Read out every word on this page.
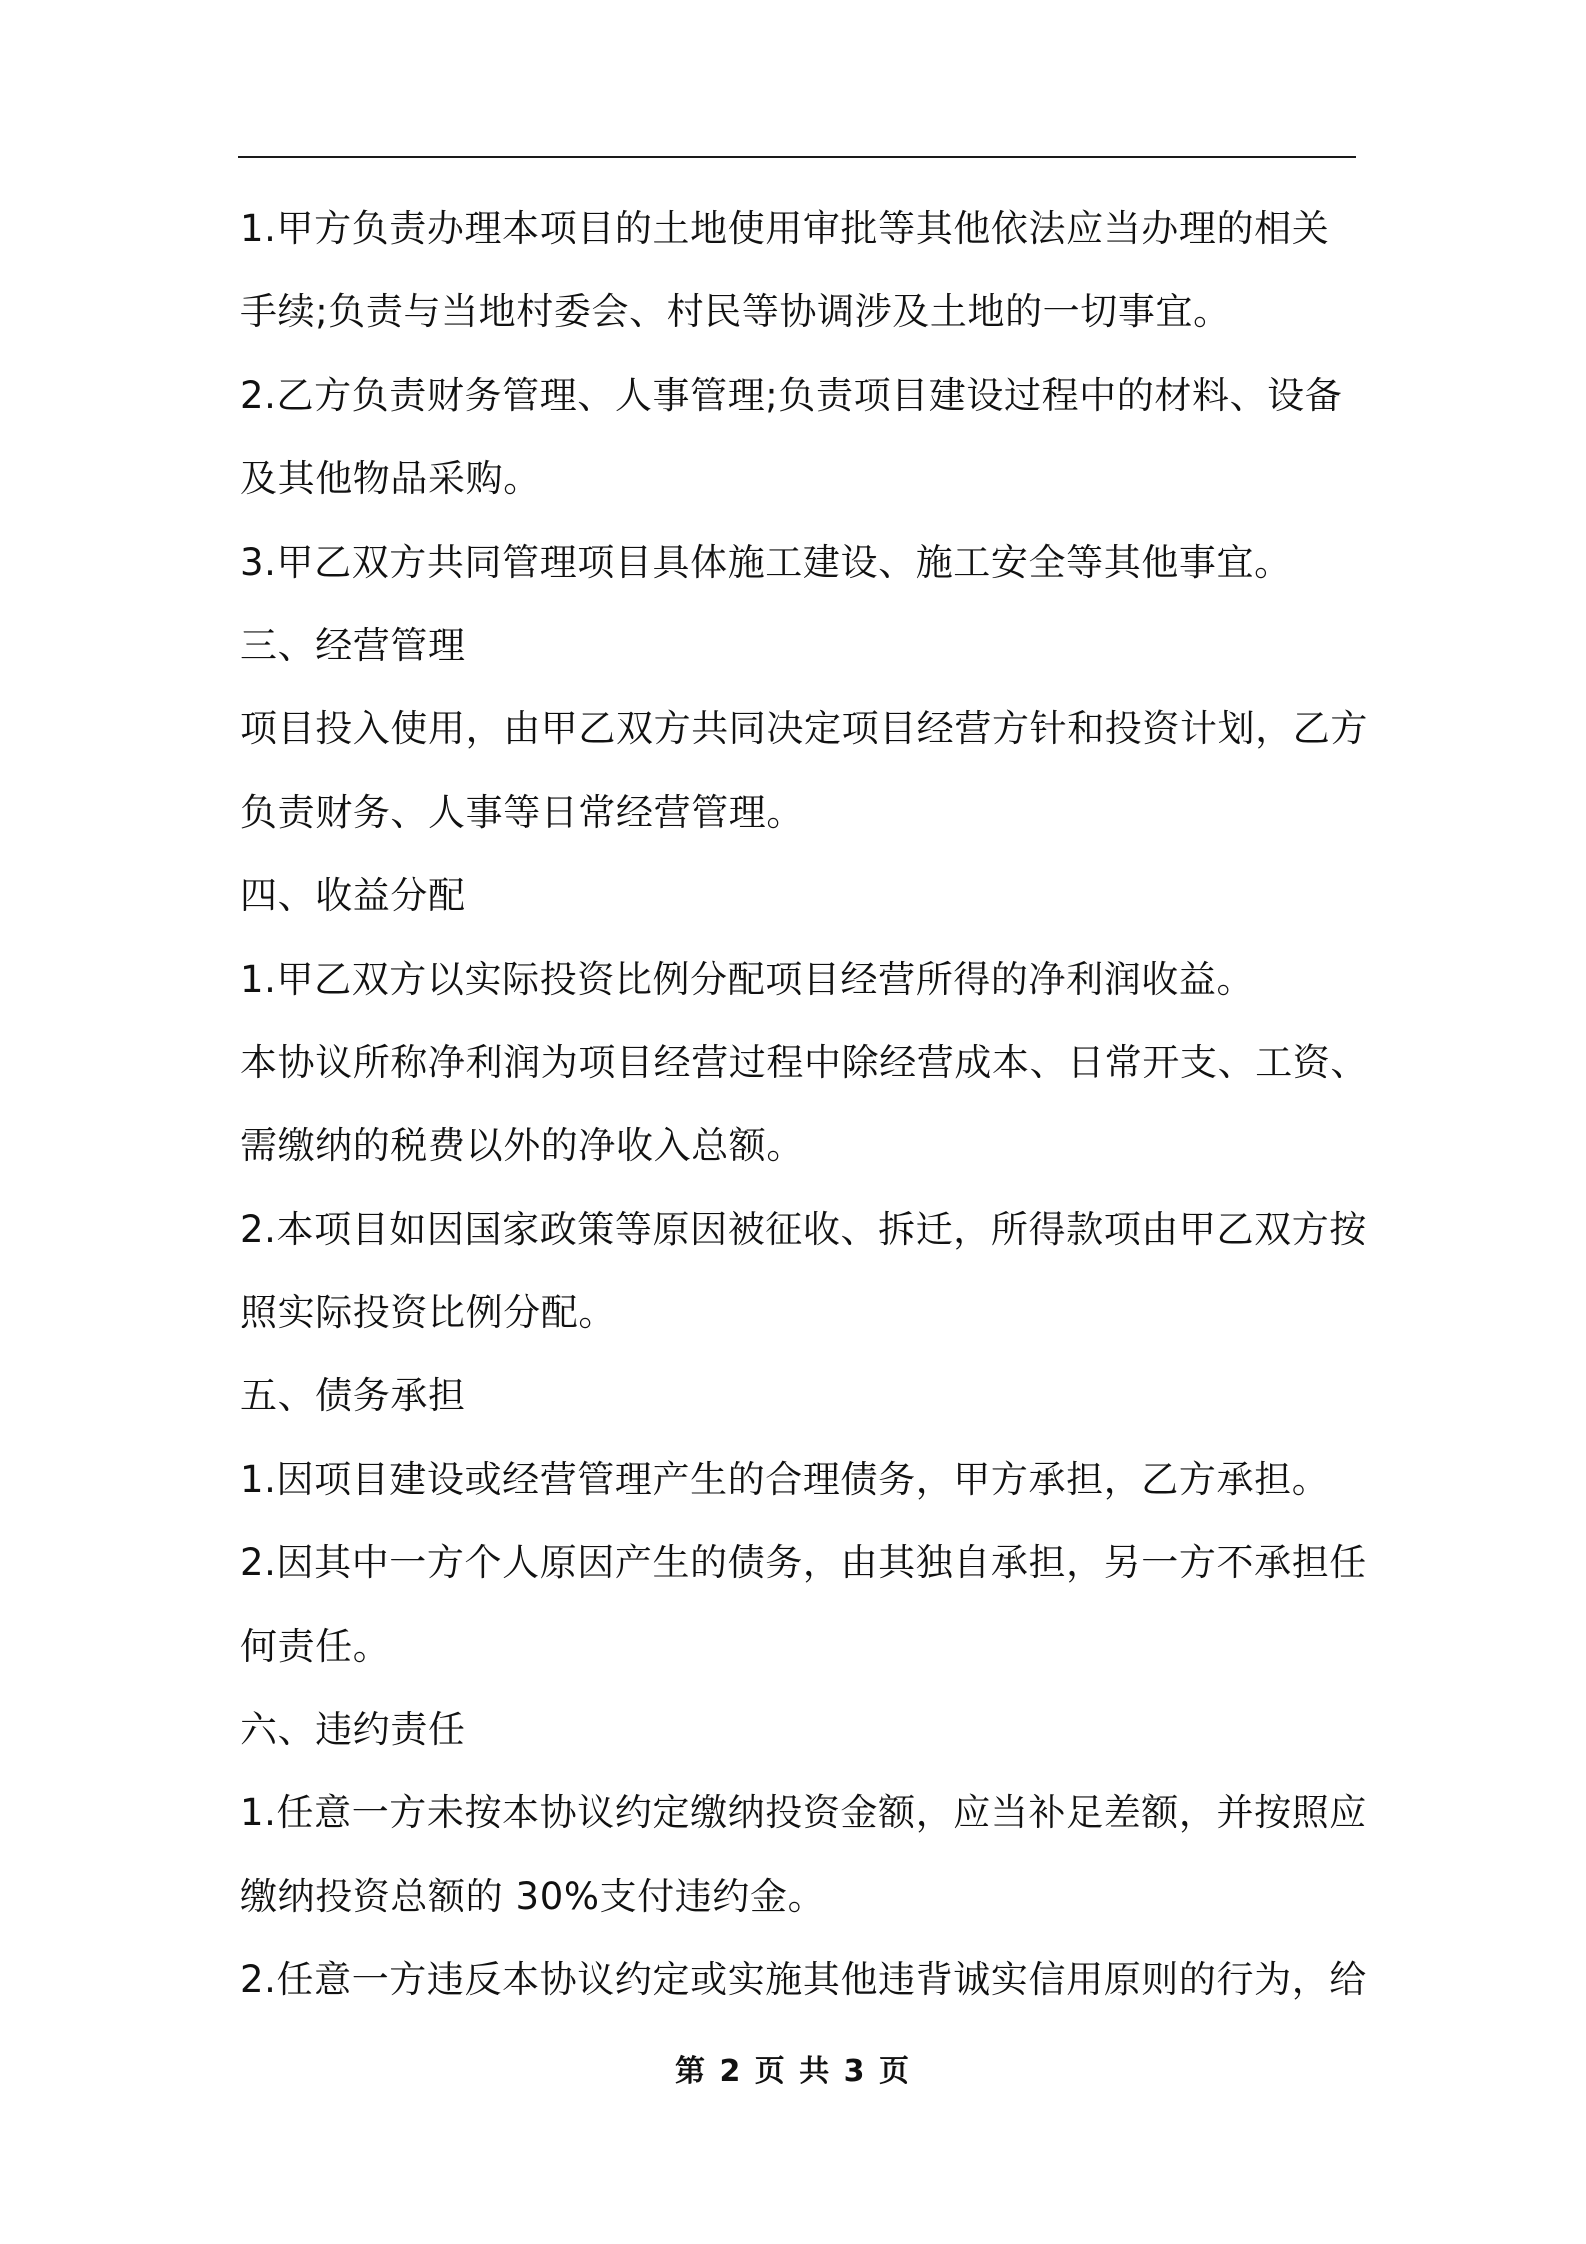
1.甲方负责办理本项目的土地使用审批等其他依法应当办理的相关
手续;负责与当地村委会、村民等协调涉及土地的一切事宜。
2.乙方负责财务管理、人事管理;负责项目建设过程中的材料、设备
及其他物品采购。
3.甲乙双方共同管理项目具体施工建设、施工安全等其他事宜。
三、经营管理
项目投入使用，由甲乙双方共同决定项目经营方针和投资计划，乙方
负责财务、人事等日常经营管理。
四、收益分配
1.甲乙双方以实际投资比例分配项目经营所得的净利润收益。
本协议所称净利润为项目经营过程中除经营成本、日常开支、工资、
需缴纳的税费以外的净收入总额。
2.本项目如因国家政策等原因被征收、拆迁，所得款项由甲乙双方按
照实际投资比例分配。
五、债务承担
1.因项目建设或经营管理产生的合理债务，甲方承担，乙方承担。
2.因其中一方个人原因产生的债务，由其独自承担，另一方不承担任
何责任。
六、违约责任
1.任意一方未按本协议约定缴纳投资金额，应当补足差额，并按照应
缴纳投资总额的 30%支付违约金。
2.任意一方违反本协议约定或实施其他违背诚实信用原则的行为，给
第 2 页 共 3 页
